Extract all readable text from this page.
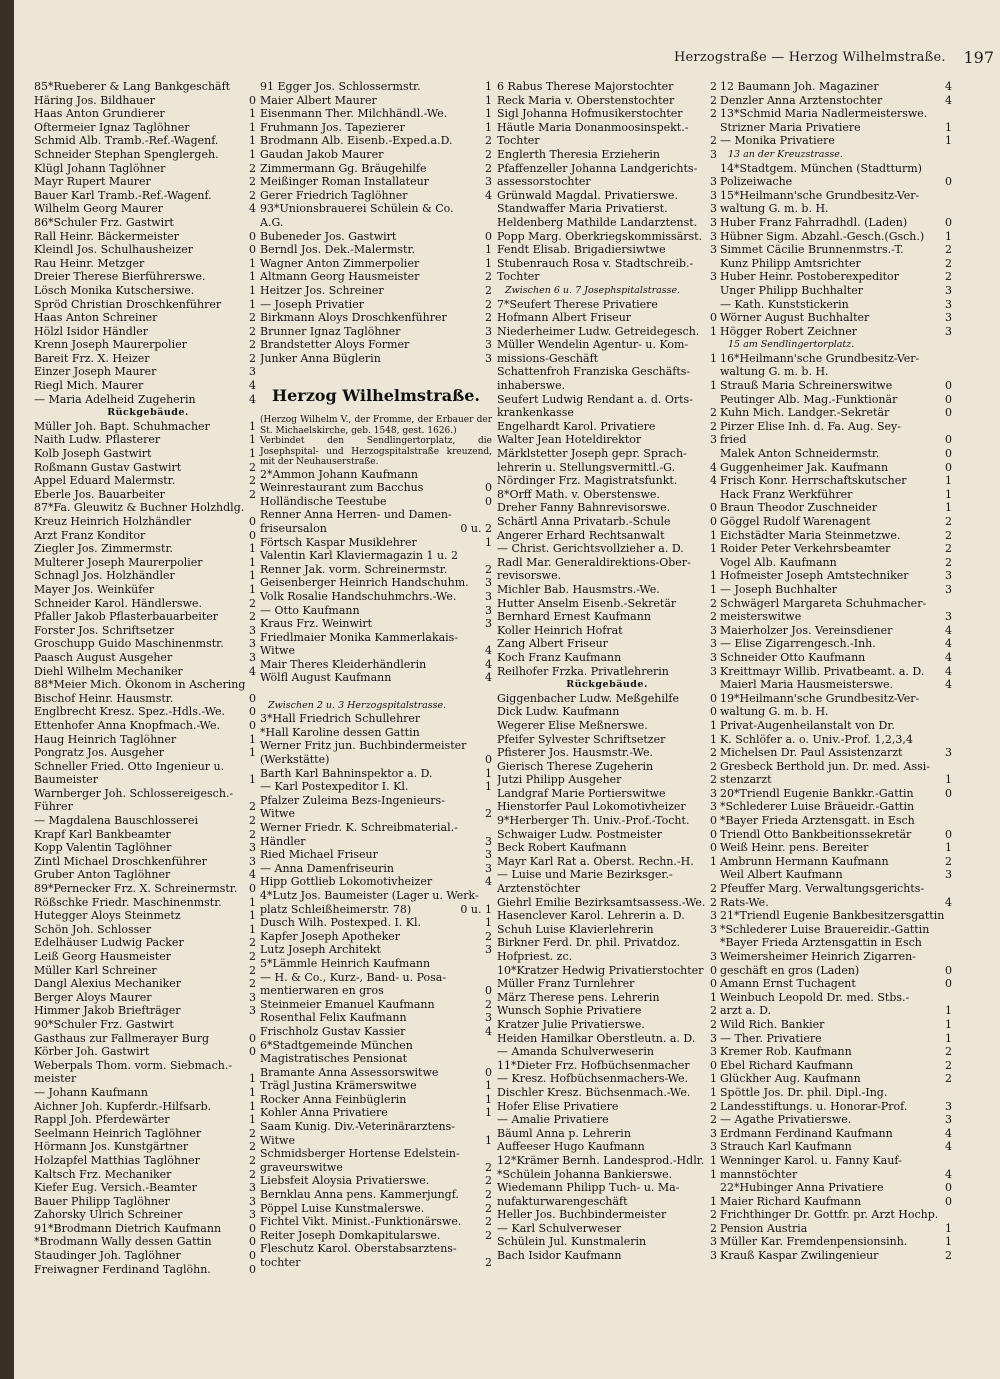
Herzogstraße — Herzog Wilhelmstraße. 197
85*Rueberer & Lang Bankgeschäft
Häring Jos. Bildhauer	0
Haas Anton Grundierer	1
Oftermeier Ignaz Taglöhner	1
Schmid Alb. Tramb.-Ref.-Wagenf.	1
Schneider Stephan Spenglergeh.	1
Klügl Johann Taglöhner	2
Mayr Rupert Maurer	2
Bauer Karl Tramb.-Ref.-Wagenf.	2
Wilhelm Georg Maurer	4
86*Schuler Frz. Gastwirt
Rall Heinr. Bäckermeister	0
Kleindl Jos. Schulhausheizer	0
Rau Heinr. Metzger	1
Dreier Therese Bierführerswe.	1
Lösch Monika Kutschersiwe.	1
Spröd Christian Droschkenführer	1
Haas Anton Schreiner	2
Hölzl Isidor Händler	2
Krenn Joseph Maurerpolier	2
Bareit Frz. X. Heizer	2
Einzer Joseph Maurer	3
Riegl Mich. Maurer	4
— Maria Adelheid Zugeherin	4
Rückgebäude.
Müller Joh. Bapt. Schuhmacher	1
Naith Ludw. Pflasterer	1
Kolb Joseph Gastwirt	1
Roßmann Gustav Gastwirt	2
Appel Eduard Malermstr.	2
Eberle Jos. Bauarbeiter	2
87*Fa. Gleuwitz & Buchner Holzhdlg.
Kreuz Heinrich Holzhändler	0
Arzt Franz Konditor	0
Ziegler Jos. Zimmermstr.	1
Multerer Joseph Maurerpolier	1
Schnagl Jos. Holzhändler	1
Mayer Jos. Weinküfer	1
Schneider Karol. Händlerswe.	2
Pfaller Jakob Pflasterbauarbeiter	2
Forster Jos. Schriftsetzer	3
Groschupp Guido Maschinenmstr. 3
Paasch August Ausgeher	3
Diehl Wilhelm Mechaniker	4
88*Meier Mich. Ökonom in Aschering
Bischof Heinr. Hausmstr.	0
Englbrecht Kresz. Spez.-Hdls.-We. 0
Ettenhofer Anna Knopfmach.-We.	0
Haug Heinrich Taglöhner	1
Pongratz Jos. Ausgeher	1
Schneller Fried. Otto Ingenieur u.
Baumeister	1
Warnberger Joh. Schlossereigesch.-
Führer	2
— Magdalena Bauschlosserei	2
Krapf Karl Bankbeamter	2
Kopp Valentin Taglöhner	3
Zintl Michael Droschkenführer	3
Gruber Anton Taglöhner	4
89*Pernecker Frz. X. Schreinermstr. 0
Rößschke Friedr. Maschinenmstr. 1
Hutegger Aloys Steinmetz	1
Schön Joh. Schlosser	1
Edelhäuser Ludwig Packer	2
Leiß Georg Hausmeister	2
Müller Karl Schreiner	2
Dangl Alexius Mechaniker	2
Berger Aloys Maurer	3
Himmer Jakob Briefträger	3
90*Schuler Frz. Gastwirt
Gasthaus zur Fallmerayer Burg	0
Körber Joh. Gastwirt	0
Weberpals Thom. vorm. Siebmach.-
meister	1
— Johann Kaufmann	1
Aichner Joh. Kupferdr.-Hilfsarb.	1
Rappl Joh. Pferdewärter	1
Seelmann Heinrich Taglöhner	2
Hörmann Jos. Kunstgärtner	2
Holzapfel Matthias Taglöhner	2
Kaltsch Frz. Mechaniker	2
Kiefer Eug. Versich.-Beamter	3
Bauer Philipp Taglöhner	3
Zahorsky Ulrich Schreiner	3
91*Brodmann Dietrich Kaufmann	0
*Brodmann Wally dessen Gattin	0
Staudinger Joh. Taglöhner	0
Freiwagner Ferdinand Taglöhn.	0
91 Egger Jos. Schlossermstr.	1
Maier Albert Maurer	1
Eisenmann Ther. Milchhändl.-We.	1
Fruhmann Jos. Tapezierer	1
Brodmann Alb. Eisenb.-Exped.a.D.	2
Gaudan Jakob Maurer	2
Zimmermann Gg. Bräugehilfe	2
Meißinger Roman Installateur	3
Gerer Friedrich Taglöhner	4
93*Unionsbrauerei Schülein & Co.
A.G.
Bubeneder Jos. Gastwirt	0
Berndl Jos. Dek.-Malermstr.	1
Wagner Anton Zimmerpolier	1
Altmann Georg Hausmeister	2
Heitzer Jos. Schreiner	2
— Joseph Privatier	2
Birkmann Aloys Droschkenführer	2
Brunner Ignaz Taglöhner	3
Brandstetter Aloys Former	3
Junker Anna Büglerin	3
Herzog Wilhelmstraße.
(Herzog Wilhelm V., der Fromme, der Erbauer der St. Michaelskirche, geb. 1548, gest. 1626.)
Verbindet den Sendlingertorplatz, die Josephspital- und Herzogspitalstraße kreuzend, mit der Neuhauserstraße.
2*Ammon Johann Kaufmann
Weinrestaurant zum Bacchus	0
Holländische Teestube	0
Renner Anna Herren- und Damen-
friseursalon	0 u. 2
Förtsch Kaspar Musiklehrer	1
Valentin Karl Klaviermagazin 1 u. 2
Renner Jak. vorm. Schreinermstr.	2
Geisenberger Heinrich Handschuhm. 3
Volk Rosalie Handschuhmchrs.-We.	3
— Otto Kaufmann	3
Kraus Frz. Weinwirt	3
Friedlmaier Monika Kammerlakais-
Witwe	4
Mair Theres Kleiderhändlerin	4
Wölfl August Kaufmann	4
Zwischen 2 u. 3 Herzogspitalstrasse.
3*Hall Friedrich Schullehrer
*Hall Karoline dessen Gattin
Werner Fritz jun. Buchbindermeister
(Werkstätte)	0
Barth Karl Bahninspektor a. D.	1
— Karl Postexpeditor I. Kl.	1
Pfalzer Zuleima Bezs-Ingenieurs-
Witwe	2
Werner Friedr. K. Schreibmaterial.-
Händler	3
Ried Michael Friseur	3
— Anna Damenfriseurin	3
Hipp Gottlieb Lokomotivheizer	4
4*Lutz Jos. Baumeister (Lager u. Werk-
platz Schleißheimerstr. 78)	0 u. 1
Dusch Wilh. Postexped. I. Kl.	1
Kapfer Joseph Apotheker	2
Lutz Joseph Architekt	3
5*Lämmle Heinrich Kaufmann
— H. & Co., Kurz-, Band- u. Posa-
mentierwaren en gros	0
Steinmeier Emanuel Kaufmann	2
Rosenthal Felix Kaufmann	3
Frischholz Gustav Kassier	4
6*Stadtgemeinde München
Magistratisches Pensionat
Bramante Anna Assessorswitwe	0
Trägl Justina Krämerswitwe	1
Rocker Anna Feinbüglerin	1
Kohler Anna Privatiere	1
Saam Kunig. Div.-Veterinärarztens-
Witwe	1
Schmidsberger Hortense Edelstein-
graveurswitwe	2
Liebsfeit Aloysia Privatierswe.	2
Bernklau Anna pens. Kammerjungf. 2
Pöppel Luise Kunstmalerswe.	2
Fichtel Vikt. Minist.-Funktionärswe. 2
Reiter Joseph Domkapitularswe.	2
Fleschutz Karol. Oberstabsarztens-
tochter	2
6 Rabus Therese Majorstochter	2
Reck Maria v. Oberstenstochter	2
Sigl Johanna Hofmusikerstochter 2
Häutle Maria Donanmoosinspekt.-
Tochter	2
Englerth Theresia Erzieherin	3
Pfaffenzeller Johanna Landgerichts-
assessorstochter	3
Grünwald Magdal. Privatierswe.	3
Standwaffer Maria Privatierst.	3
Heldenberg Mathilde Landarztenst. 3
Popp Marg. Oberkriegskommissärst. 3
Fendt Elisab. Brigadiersiwtwe	3
Stubenrauch Rosa v. Stadtschreib.-
Tochter	3
Zwischen 6 u. 7 Josephspitalstrasse.
7*Seufert Therese Privatiere
Hofmann Albert Friseur	0
Niederheimer Ludw. Getreidegesch. 1
Müller Wendelin Agentur- u. Kom-
missions-Geschäft	1
Schattenfroh Franziska Geschäfts-
inhaberswe.	1
Seufert Ludwig Rendant a. d. Orts-
krankenkasse	2
Engelhardt Karol. Privatiere	2
Walter Jean Hoteldirektor	3
Märklstetter Joseph gepr. Sprach-
lehrerin u. Stellungsvermittl.-G.	4
Nördinger Frz. Magistratsfunkt.	4
8*Orff Math. v. Oberstenswe.
Dreher Fanny Bahnrevisorswe.	0
Schärtl Anna Privatarb.-Schule	0
Angerer Erhard Rechtsanwalt	1
— Christ. Gerichtsvollzieher a. D. 1
Radl Mar. Generaldirektions-Ober-
revisorswe.	1
Michler Bab. Hausmstrs.-We.	1
Hutter Anselm Eisenb.-Sekretär	2
Bernhard Ernest Kaufmann	2
Koller Heinrich Hofrat	3
Zang Albert Friseur	3
Koch Franz Kaufmann	3
Reilhofer Frzka. Privatlehrerin	3
Rückgebäude.
Giggenbacher Ludw. Meßgehilfe	0
Dick Ludw. Kaufmann	0
Wegerer Elise Meßnerswe.	1
Pfeifer Sylvester Schriftsetzer	1
Pfisterer Jos. Hausmstr.-We.	2
Gierisch Therese Zugeherin	2
Jutzi Philipp Ausgeher	2
Landgraf Marie Portierswitwe	3
Hienstorfer Paul Lokomotivheizer 3
9*Herberger Th. Univ.-Prof.-Tocht. 0
Schwaiger Ludw. Postmeister	0
Beck Robert Kaufmann	0
Mayr Karl Rat a. Oberst. Rechn.-H. 1
— Luise und Marie Bezirksger.-
Arztenstöchter	2
Giehrl Emilie Bezirksamtsassess.-We. 2
Hasenclever Karol. Lehrerin a. D. 3
Schuh Luise Klavierlehrerin	3
Birkner Ferd. Dr. phil. Privatdoz.
Hofpriest. zc.	3
10*Kratzer Hedwig Privatierstochter 0
Müller Franz Turnlehrer	0
März Therese pens. Lehrerin	1
Wunsch Sophie Privatiere	2
Kratzer Julie Privatierswe.	2
Heiden Hamilkar Oberstleutn. a. D. 3
— Amanda Schulverweserin	3
11*Dieter Frz. Hofbüchsenmacher 0
— Kresz. Hofbüchsenmachers-We. 1
Dischler Kresz. Büchsenmach.-We. 1
Hofer Elise Privatiere	2
— Amalie Privatiere	2
Bäuml Anna p. Lehrerin	3
Auffeeser Hugo Kaufmann	3
12*Krämer Bernh. Landesprod.-Hdlr. 1
*Schülein Johanna Bankierswe.	1
Wiedemann Philipp Tuch- u. Ma-
nufakturwarengeschäft	1
Heller Jos. Buchbindermeister	2
— Karl Schulverweser	2
Schülein Jul. Kunstmalerin	3
Bach Isidor Kaufmann	3
12 Baumann Joh. Magaziner	4
Denzler Anna Arztenstochter	4
13*Schmid Maria Nadlermeisterswe.
Strizner Maria Privatiere	1
— Monika Privatiere	1
13 an der Kreuzstrasse.
14*Stadtgem. München (Stadtturm)
Polizeiwache	0
15*Heilmann'sche Grundbesitz-Ver-
waltung G. m. b. H.
Huber Franz Fahrradhdl. (Laden)	0
Hübner Sigm. Abzahl.-Gesch.(Gsch.) 1
Simmet Cäcilie Brunnenmstrs.-T.	2
Kunz Philipp Amtsrichter	2
Huber Heinr. Postoberexpeditor	2
Unger Philipp Buchhalter	3
— Kath. Kunststickerin	3
Wörner August Buchhalter	3
Högger Robert Zeichner	3
15 am Sendlingertorplatz.
16*Heilmann'sche Grundbesitz-Ver-
waltung G. m. b. H.
Strauß Maria Schreinerswitwe	0
Peutinger Alb. Mag.-Funktionär	0
Kuhn Mich. Landger.-Sekretär	0
Pirzer Elise Inh. d. Fa. Aug. Sey-
fried	0
Malek Anton Schneidermstr.	0
Guggenheimer Jak. Kaufmann	0
Frisch Konr. Herrschaftskutscher	1
Hack Franz Werkführer	1
Braun Theodor Zuschneider	1
Göggel Rudolf Warenagent	2
Eichstädter Maria Steinmetzwe.	2
Roider Peter Verkehrsbeamter	2
Vogel Alb. Kaufmann	2
Hofmeister Joseph Amtstechniker	3
— Joseph Buchhalter	3
Schwägerl Margareta Schuhmacher-
meisterswitwe	3
Maierholzer Jos. Vereinsdiener	4
— Elise Zigarrengesch.-Inh.	4
Schneider Otto Kaufmann	4
Kreittmayr Willib. Privatbeamt. a. D. 4
Maierl Maria Hausmeisterswe.	4
19*Heilmann'sche Grundbesitz-Ver-
waltung G. m. b. H.
Privat-Augenheilanstalt von Dr.
K. Schlöfer a. o. Univ.-Prof. 1,2,3,4
Michelsen Dr. Paul Assistenzarzt	3
Gresbeck Berthold jun. Dr. med. Assi-
stenzarzt	1
20*Triendl Eugenie Bankkr.-Gattin	0
*Schlederer Luise Bräueidr.-Gattin
*Bayer Frieda Arztensgatt. in Esch
Triendl Otto Bankbeitionssekretär	0
Weiß Heinr. pens. Bereiter	1
Ambrunn Hermann Kaufmann	2
Weil Albert Kaufmann	3
Pfeuffer Marg. Verwaltungsgerichts-
Rats-We.	4
21*Triendl Eugenie Bankbesitzersgattin
*Schlederer Luise Brauereidir.-Gattin
*Bayer Frieda Arztensgattin in Esch
Weimersheimer Heinrich Zigarren-
geschäft en gros (Laden)	0
Amann Ernst Tuchagent	0
Weinbuch Leopold Dr. med. Stbs.-
arzt a. D.	1
Wild Rich. Bankier	1
— Ther. Privatiere	1
Kremer Rob. Kaufmann	2
Ebel Richard Kaufmann	2
Glückher Aug. Kaufmann	2
Spöttle Jos. Dr. phil. Dipl.-Ing.
Landesstiftungs. u. Honorar-Prof.	3
— Agathe Privatierswe.	3
Erdmann Ferdinand Kaufmann	4
Strauch Karl Kaufmann	4
Wenninger Karol. u. Fanny Kauf-
mannstöchter	4
22*Hubinger Anna Privatiere	0
Maier Richard Kaufmann	0
Frichthinger Dr. Gottfr. pr. Arzt Hochp.
Pension Austria	1
Müller Kar. Fremdenpensionsinh.	1
Krauß Kaspar Zwilingenieur	2
